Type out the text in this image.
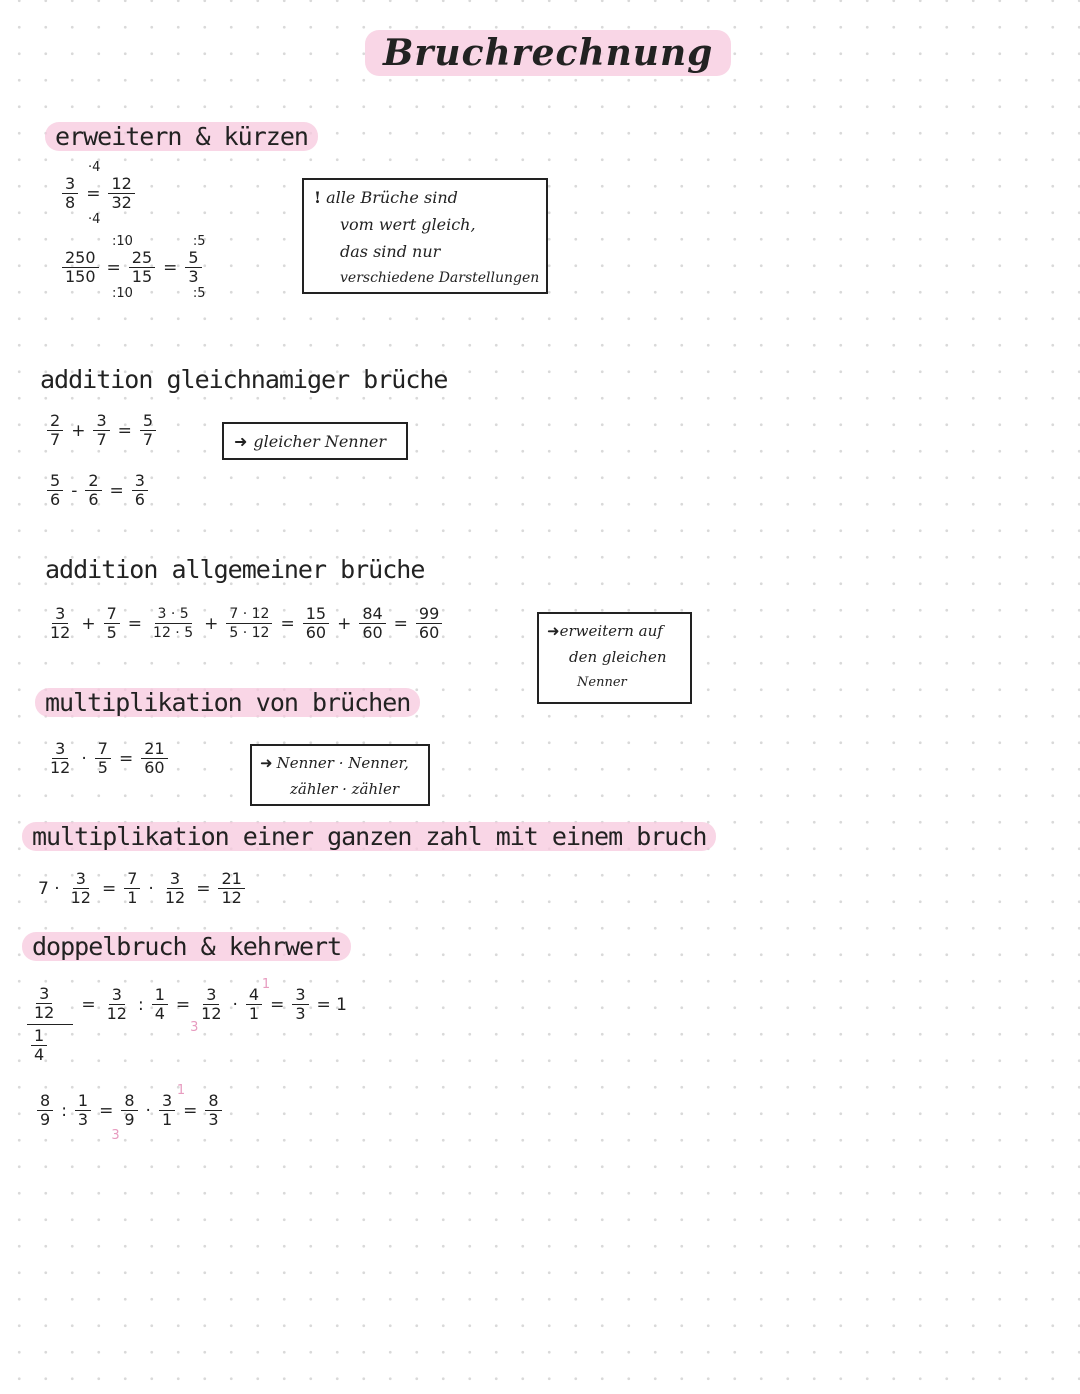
Bruchrechnung
erweitern & kürzen
·4
$\frac{3}{8} = \frac{12}{32}$
·4
:10	:5
$\frac{250}{150} = \frac{25}{15} = \frac{5}{3}$
:10	:5
! alle Brüche sind
vom wert gleich,
das sind nur
verschiedene Darstellungen
addition gleichnamiger brüche
$\frac{2}{7} + \frac{3}{7} = \frac{5}{7}$
$\frac{5}{6} - \frac{2}{6} = \frac{3}{6}$
➜ gleicher Nenner
addition allgemeiner brüche
$\frac{3}{12} + \frac{7}{5} = \frac{3 \cdot 5}{12 \cdot 5} + \frac{7 \cdot 12}{5 \cdot 12} = \frac{15}{60} + \frac{84}{60} = \frac{99}{60}$	➜erweitern auf
den gleichen
Nenner
multiplikation von brüchen
$\frac{3}{12} \cdot \frac{7}{5} = \frac{21}{60}$	➜ Nenner · Nenner,
zähler · zähler
multiplikation einer ganzen zahl mit einem bruch
$7 \cdot \frac{3}{12} = \frac{7}{1} \cdot \frac{3}{12} = \frac{21}{12}$
doppelbruch & kehrwert
$\frac{\frac{3}{12}}{\frac{1}{4}} = \frac{3}{12}$ : $\frac{1}{4} = 3$
12
3
· 4
1
1
= $\frac{3}{3} = 1$
$\frac{8}{9}$ : $\frac{1}{3} = 8$
9
3
· 3
1
1
= $\frac{8}{3}$
